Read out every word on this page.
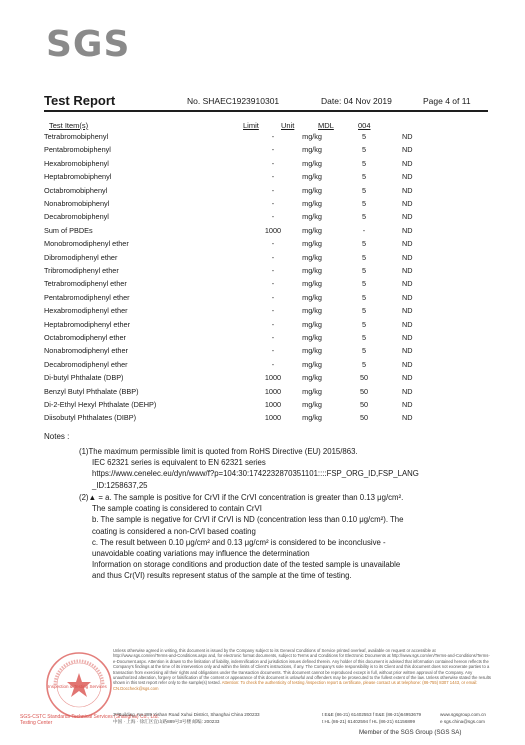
SGS
Test Report	No. SHAEC1923910301	Date: 04 Nov 2019	Page 4 of 11
Test Item(s)	Limit	Unit	MDL	004
Tetrabromobiphenyl	-	mg/kg	5	ND
Pentabromobiphenyl	-	mg/kg	5	ND
Hexabromobiphenyl	-	mg/kg	5	ND
Heptabromobiphenyl	-	mg/kg	5	ND
Octabromobiphenyl	-	mg/kg	5	ND
Nonabromobiphenyl	-	mg/kg	5	ND
Decabromobiphenyl	-	mg/kg	5	ND
Sum of PBDEs	1000	mg/kg	-	ND
Monobromodiphenyl ether	-	mg/kg	5	ND
Dibromodiphenyl ether	-	mg/kg	5	ND
Tribromodiphenyl ether	-	mg/kg	5	ND
Tetrabromodiphenyl ether	-	mg/kg	5	ND
Pentabromodiphenyl ether	-	mg/kg	5	ND
Hexabromodiphenyl ether	-	mg/kg	5	ND
Heptabromodiphenyl ether	-	mg/kg	5	ND
Octabromodiphenyl ether	-	mg/kg	5	ND
Nonabromodiphenyl ether	-	mg/kg	5	ND
Decabromodiphenyl ether	-	mg/kg	5	ND
Di-butyl Phthalate (DBP)	1000	mg/kg	50	ND
Benzyl Butyl Phthalate (BBP)	1000	mg/kg	50	ND
Di-2-Ethyl Hexyl Phthalate (DEHP)	1000	mg/kg	50	ND
Diisobutyl Phthalates (DIBP)	1000	mg/kg	50	ND
Notes :
(1)The maximum permissible limit is quoted from RoHS Directive (EU) 2015/863.
IEC 62321 series is equivalent to EN 62321 series
https://www.cenelec.eu/dyn/www/f?p=104:30:1742232870351101::::FSP_ORG_ID,FSP_LANG
_ID:1258637,25
(2)▲ = a. The sample is positive for CrVI if the CrVI concentration is greater than 0.13 μg/cm².
The sample coating is considered to contain CrVI
b. The sample is negative for CrVI if CrVI is ND (concentration less than 0.10 μg/cm²). The
coating is considered a non-CrVI based coating
c. The result between 0.10 μg/cm² and 0.13 μg/cm² is considered to be inconclusive -
unavoidable coating variations may influence the determination
Information on storage conditions and production date of the tested sample is unavailable
and thus Cr(VI) results represent status of the sample at the time of testing.
SGS-CSTC Standards Technical Services (Shanghai) Co., Ltd.
Testing Center
Inspection & Testing Services
Unless otherwise agreed in writing, this document is issued by the Company subject to its General Conditions of Service printed overleaf, available on request or accessible at http://www.sgs.com/en/Terms-and-Conditions.aspx and, for electronic format documents, subject to Terms and Conditions for Electronic Documents at http://www.sgs.com/en/Terms-and-Conditions/Terms-e-Document.aspx. Attention is drawn to the limitation of liability, indemnification and jurisdiction issues defined therein. Any holder of this document is advised that information contained hereon reflects the Company's findings at the time of its intervention only and within the limits of Client's instructions, if any. The Company's sole responsibility is to its Client and this document does not exonerate parties to a transaction from exercising all their rights and obligations under the transaction documents. This document cannot be reproduced except in full, without prior written approval of the Company. Any unauthorized alteration, forgery or falsification of the content or appearance of this document is unlawful and offenders may be prosecuted to the fullest extent of the law. Unless otherwise stated the results shown in this test report refer only to the sample(s) tested. Attention: To check the authenticity of testing /inspection report & certificate, please contact us at telephone: (86-755) 8307 1443, or email: CN.Doccheck@sgs.com
3ʳᵈBuilding, No.889 Yishan Road Xuhui District, Shanghai China 200233
中国 · 上海 · 徐汇区宜山路889号3号楼 邮编: 200233
t E&E (86-21) 61402553 f E&E (86-21)64953679
t HL (86-21) 61402594 f HL (86-21) 61156899
www.sgsgroup.com.cn
e sgs.china@sgs.com
Member of the SGS Group (SGS SA)
